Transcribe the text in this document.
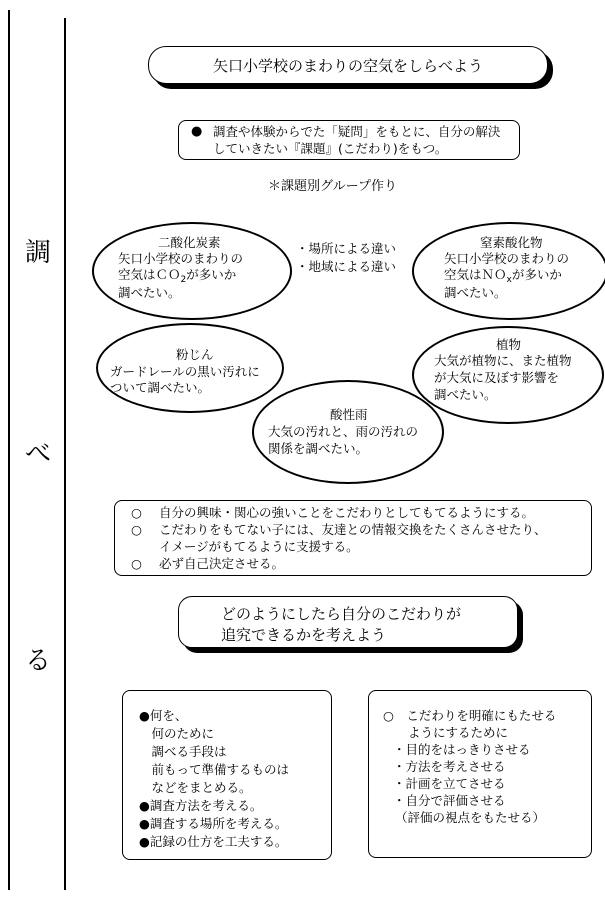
調
べ
る
矢口小学校のまわりの空気をしらべよう
● 調査や体験からでた「疑問」をもとに、自分の解決
していきたい『課題』(こだわり)をもつ。
＊課題別グループ作り
・場所による違い
・地域による違い
二酸化炭素
矢口小学校のまわりの
空気はＣＯ$_2$が多いか
調べたい。
窒素酸化物
矢口小学校のまわりの
空気はＮＯ$_x$が多いか
調べたい。
粉じん
ガードレールの黒い汚れに
ついて調べたい。
植物
大気が植物に、また植物
が大気に及ぼす影響を
調べたい。
酸性雨
大気の汚れと、雨の汚れの
関係を調べたい。
○ 自分の興味・関心の強いことをこだわりとしてもてるようにする。
○ こだわりをもてない子には、友達との情報交換をたくさんさせたり、
イメージがもてるように支援する。
○ 必ず自己決定させる。
どのようにしたら自分のこだわりが
追究できるかを考えよう
●何を、
　何のために
　調べる手段は
　前もって準備するものは
　などをまとめる。
●調査方法を考える。
●調査する場所を考える。
●記録の仕方を工夫する。
○　こだわりを明確にもたせる
　　ようにするために
・目的をはっきりさせる
・方法を考えさせる
・計画を立てさせる
・自分で評価させる
（評価の視点をもたせる）
